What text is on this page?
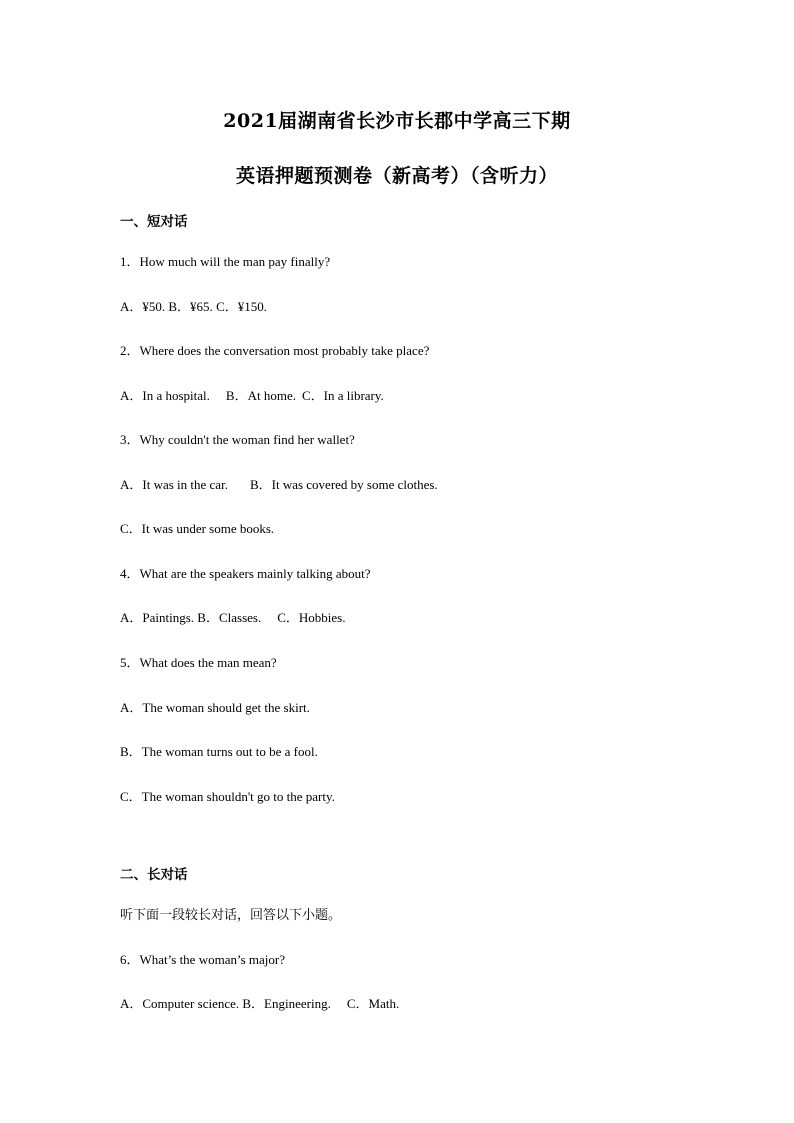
2021届湖南省长沙市长郡中学高三下期
英语押题预测卷（新高考）（含听力）
一、短对话
1．How much will the man pay finally?
A．¥50. B．¥65. C．¥150.
2．Where does the conversation most probably take place?
A．In a hospital. B．At home. C．In a library.
3．Why couldn't the woman find her wallet?
A．It was in the car. B．It was covered by some clothes.
C．It was under some books.
4．What are the speakers mainly talking about?
A．Paintings. B．Classes. C．Hobbies.
5．What does the man mean?
A．The woman should get the skirt.
B．The woman turns out to be a fool.
C．The woman shouldn't go to the party.
二、长对话
听下面一段较长对话，回答以下小题。
6．What’s the woman’s major?
A．Computer science. B．Engineering. C．Math.
